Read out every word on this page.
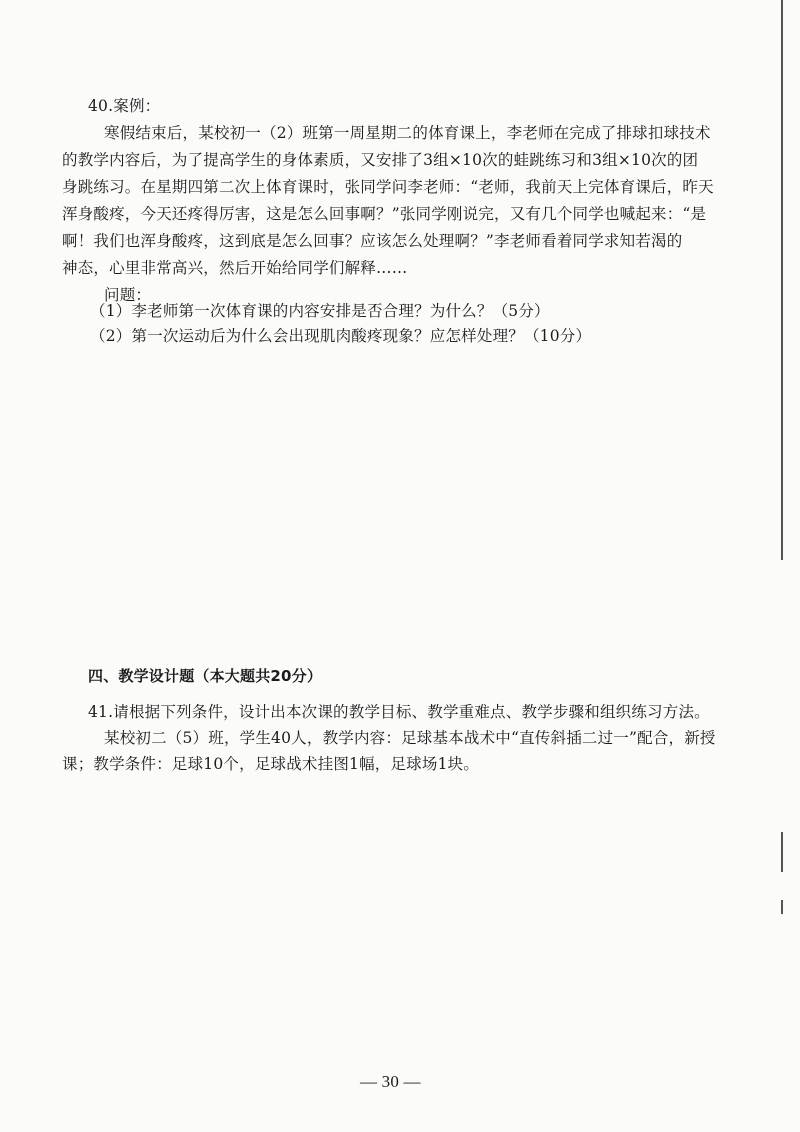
40.案例：
寒假结束后，某校初一（2）班第一周星期二的体育课上，李老师在完成了排球扣球技术
的教学内容后，为了提高学生的身体素质，又安排了3组×10次的蛙跳练习和3组×10次的团
身跳练习。在星期四第二次上体育课时，张同学问李老师：“老师，我前天上完体育课后，昨天
浑身酸疼，今天还疼得厉害，这是怎么回事啊？”张同学刚说完，又有几个同学也喊起来：“是
啊！我们也浑身酸疼，这到底是怎么回事？应该怎么处理啊？”李老师看着同学求知若渴的
神态，心里非常高兴，然后开始给同学们解释……
问题：
（1）李老师第一次体育课的内容安排是否合理？为什么？（5分）
（2）第一次运动后为什么会出现肌肉酸疼现象？应怎样处理？（10分）
四、教学设计题（本大题共20分）
41.请根据下列条件，设计出本次课的教学目标、教学重难点、教学步骤和组织练习方法。
某校初二（5）班，学生40人，教学内容：足球基本战术中“直传斜插二过一”配合，新授
课；教学条件：足球10个，足球战术挂图1幅，足球场1块。
— 30 —
